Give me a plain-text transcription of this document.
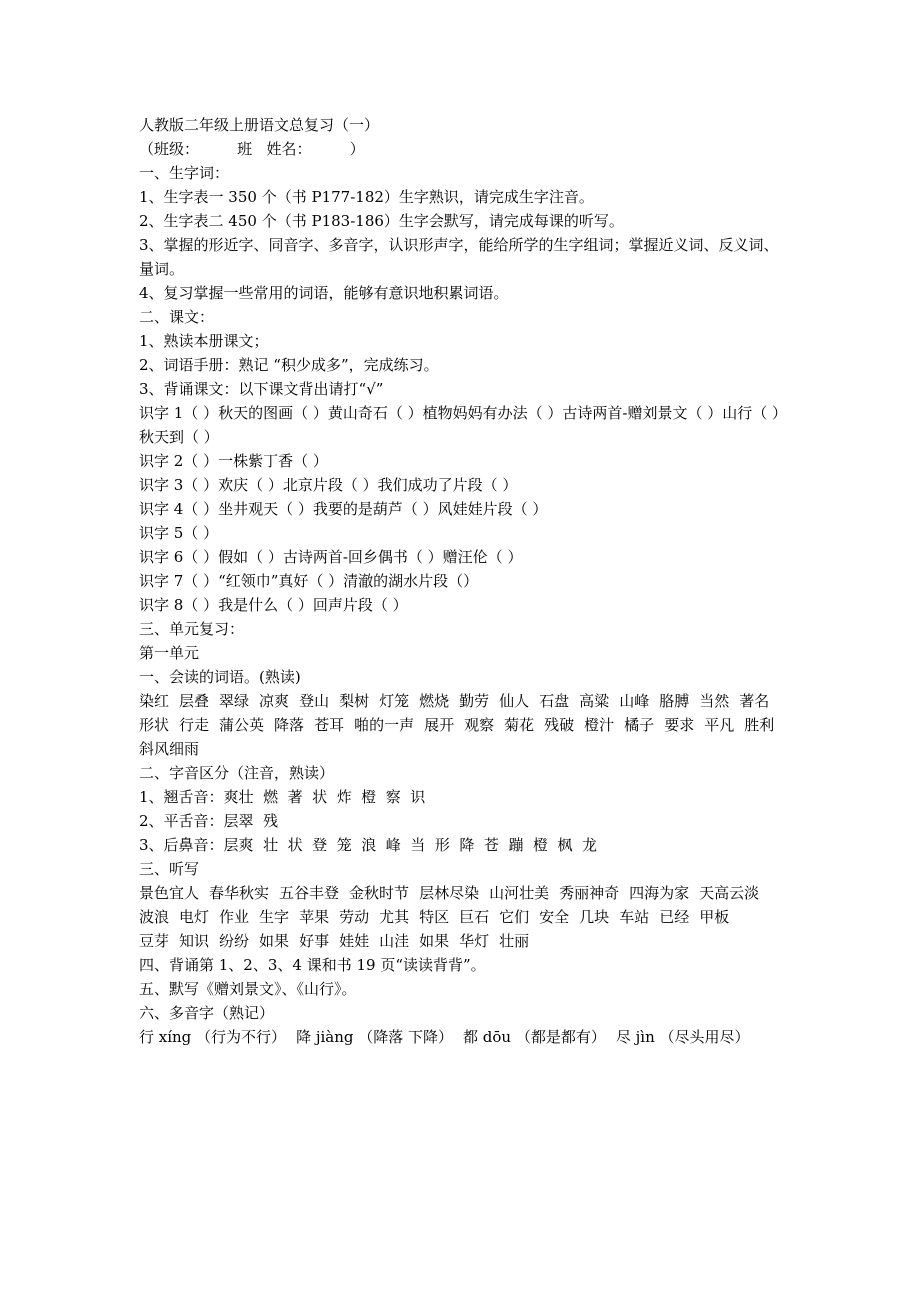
人教版二年级上册语文总复习（一）
（班级：        班   姓名：        ）
一、生字词：
1、生字表一 350 个（书 P177-182）生字熟识，请完成生字注音。
2、生字表二 450 个（书 P183-186）生字会默写，请完成每课的听写。
3、掌握的形近字、同音字、多音字，认识形声字，能给所学的生字组词；掌握近义词、反义词、量词。
4、复习掌握一些常用的词语，能够有意识地积累词语。
二、课文：
1、熟读本册课文；
2、词语手册：熟记 “积少成多”，完成练习。
3、背诵课文：以下课文背出请打“√”
识字 1（ ）秋天的图画（ ）黄山奇石（ ）植物妈妈有办法（ ）古诗两首-赠刘景文（ ）山行（ ）秋天到（ ）
识字 2（ ）一株紫丁香（ ）
识字 3（ ）欢庆（ ）北京片段（ ）我们成功了片段（ ）
识字 4（ ）坐井观天（ ）我要的是葫芦（ ）风娃娃片段（ ）
识字 5（ ）
识字 6（ ）假如（ ）古诗两首-回乡偶书（ ）赠汪伦（ ）
识字 7（ ）“红领巾”真好（ ）清澈的湖水片段（）
识字 8（ ）我是什么（ ）回声片段（ ）
三、单元复习：
第一单元
一、会读的词语。(熟读)
染红 层叠 翠绿 凉爽 登山 梨树 灯笼 燃烧 勤劳 仙人 石盘 高粱 山峰 胳膊 当然 著名
形状 行走 蒲公英 降落 苍耳 啪的一声 展开 观察 菊花 残破 橙汁 橘子 要求 平凡 胜利
斜风细雨
二、字音区分（注音，熟读）
1、翘舌音：爽壮  燃  著  状  炸  橙  察  识
2、平舌音：层翠  残
3、后鼻音：层爽  壮  状  登  笼  浪  峰  当  形  降  苍  蹦  橙  枫  龙
三、听写
景色宜人 春华秋实 五谷丰登 金秋时节 层林尽染 山河壮美 秀丽神奇 四海为家 天高云淡
波浪 电灯 作业 生字 苹果 劳动 尤其 特区 巨石 它们 安全 几块 车站 已经 甲板
豆芽 知识 纷纷 如果 好事 娃娃 山洼 如果 华灯 壮丽
四、背诵第 1、2、3、4 课和书 19 页“读读背背”。
五、默写《赠刘景文》、《山行》。
六、多音字（熟记）
行 xíng （行为不行） 降 jiàng （降落 下降） 都 dōu （都是都有） 尽 jìn （尽头用尽）
